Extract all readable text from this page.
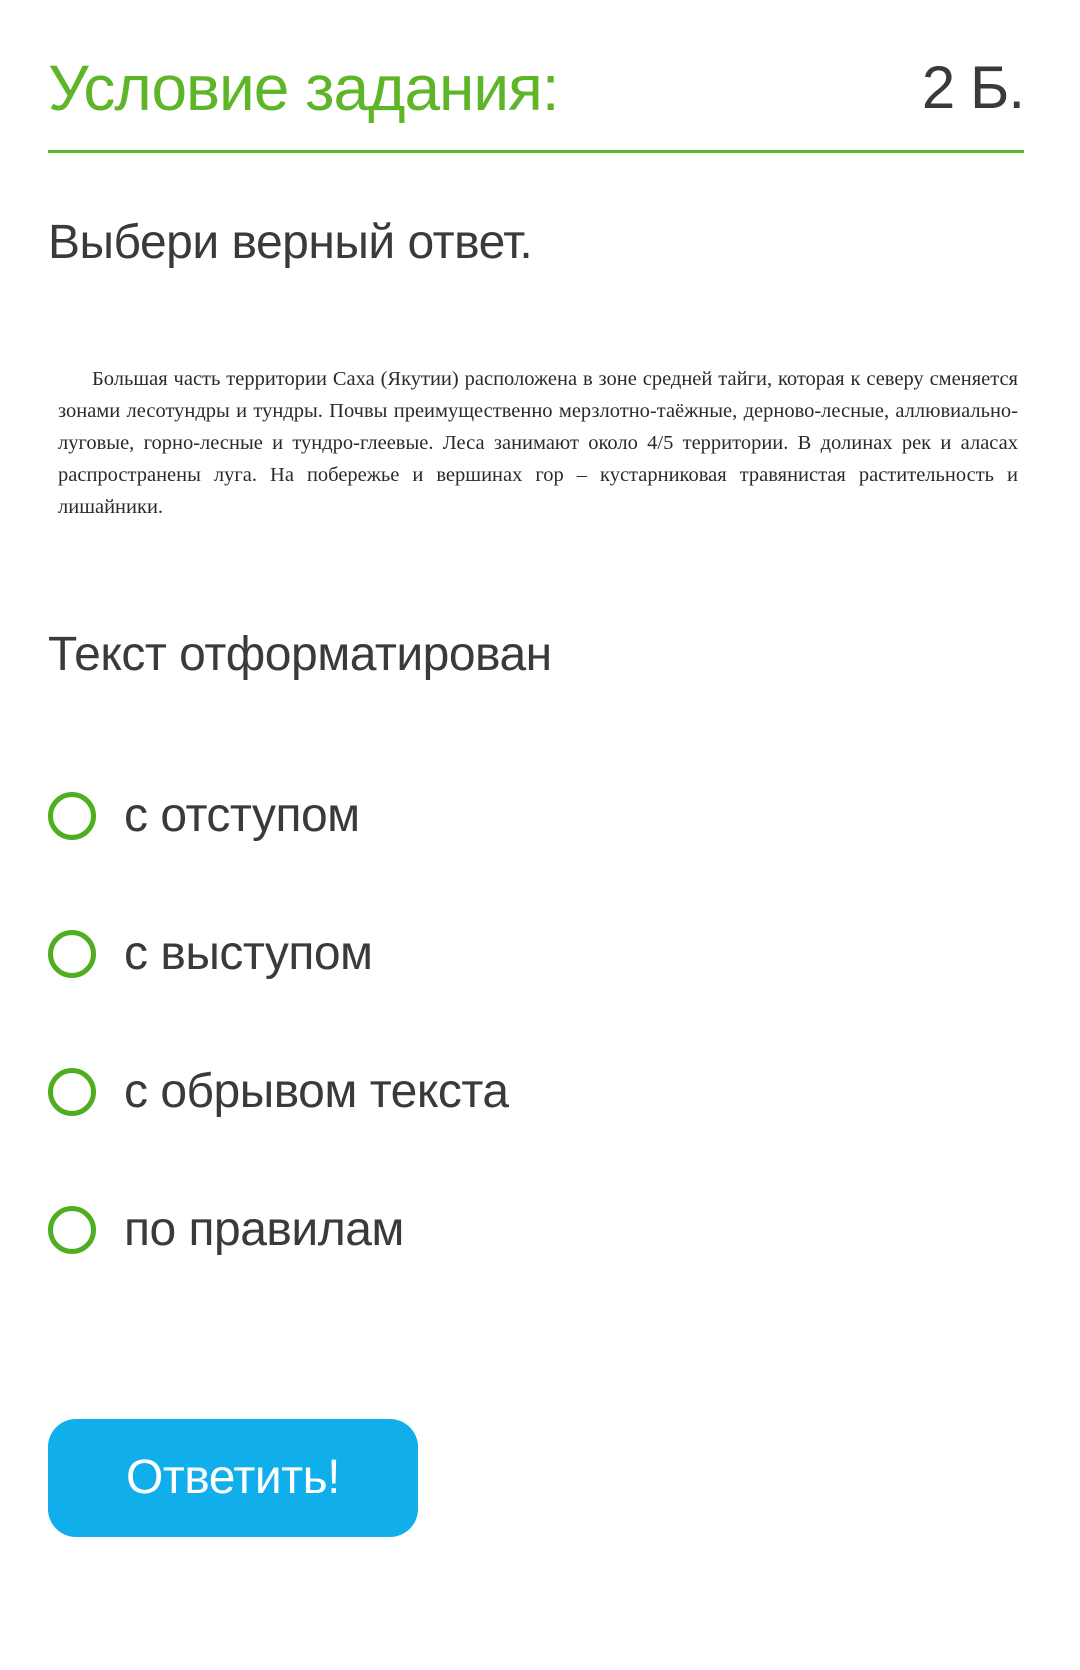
Условие задания:	2 Б.
Выбери верный ответ.
Большая часть территории Саха (Якутии) расположена в зоне средней тайги, которая к северу сменяется зонами лесотундры и тундры. Почвы преимущественно мерзлотно-таёжные, дерново-лесные, аллювиально-луговые, горно-лесные и тундро-глеевые. Леса занимают около 4/5 территории. В долинах рек и аласах распространены луга. На побережье и вершинах гор – кустарниковая травянистая растительность и лишайники.
Текст отформатирован
с отступом
с выступом
с обрывом текста
по правилам
Ответить!
